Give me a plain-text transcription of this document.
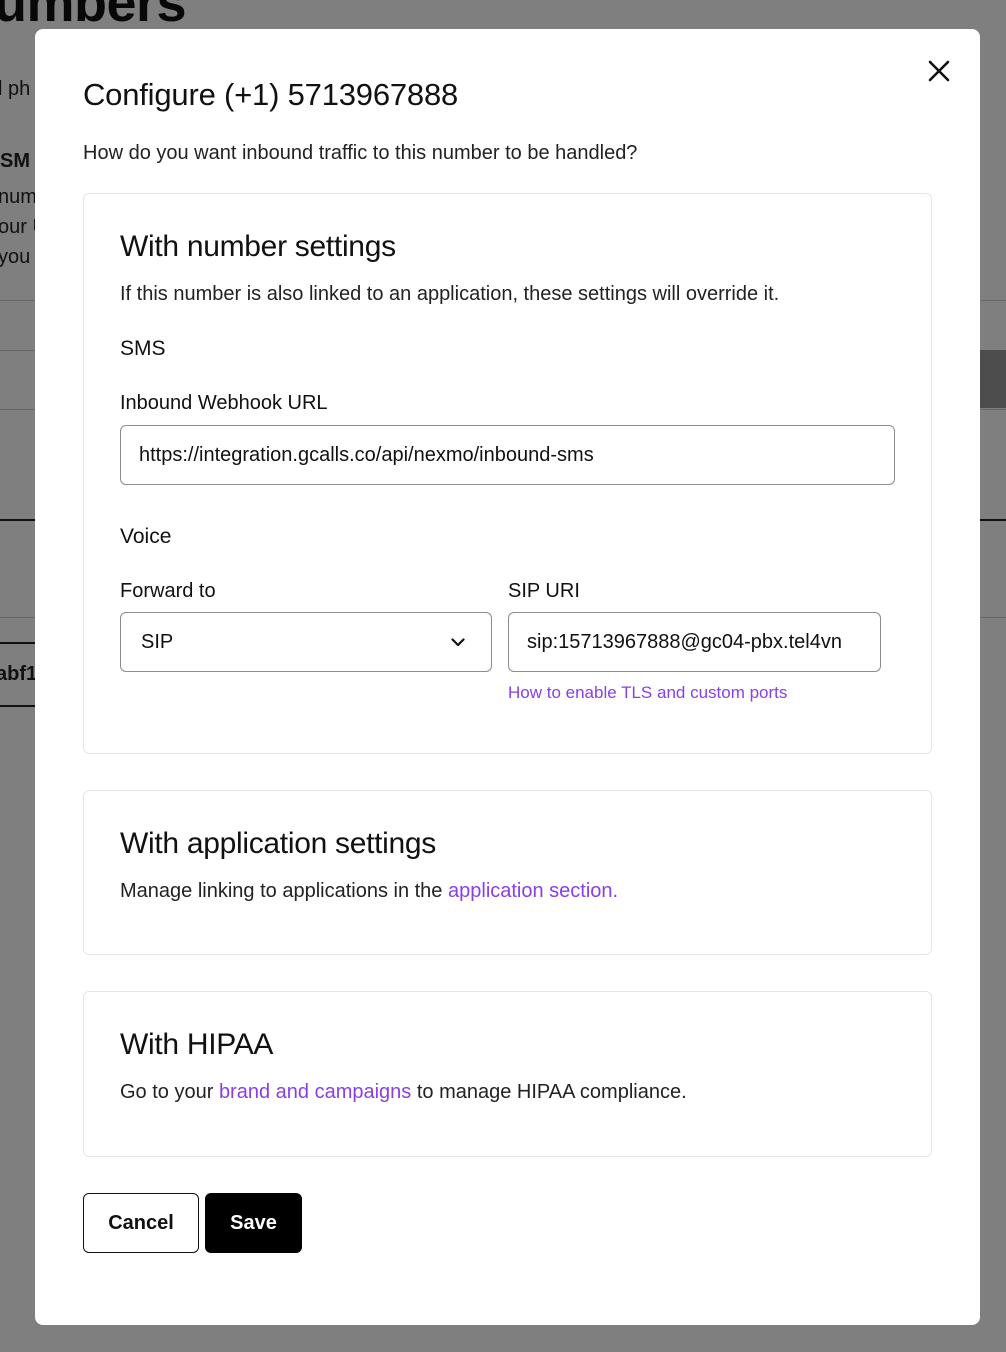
Configure (+1) 5713967888
How do you want inbound traffic to this number to be handled?
With number settings
If this number is also linked to an application, these settings will override it.
SMS
Inbound Webhook URL
https://integration.gcalls.co/api/nexmo/inbound-sms
Voice
Forward to
SIP
SIP URI
sip:15713967888@gc04-pbx.tel4vn
How to enable TLS and custom ports
With application settings
Manage linking to applications in the application section.
With HIPAA
Go to your brand and campaigns to manage HIPAA compliance.
Cancel	Save
